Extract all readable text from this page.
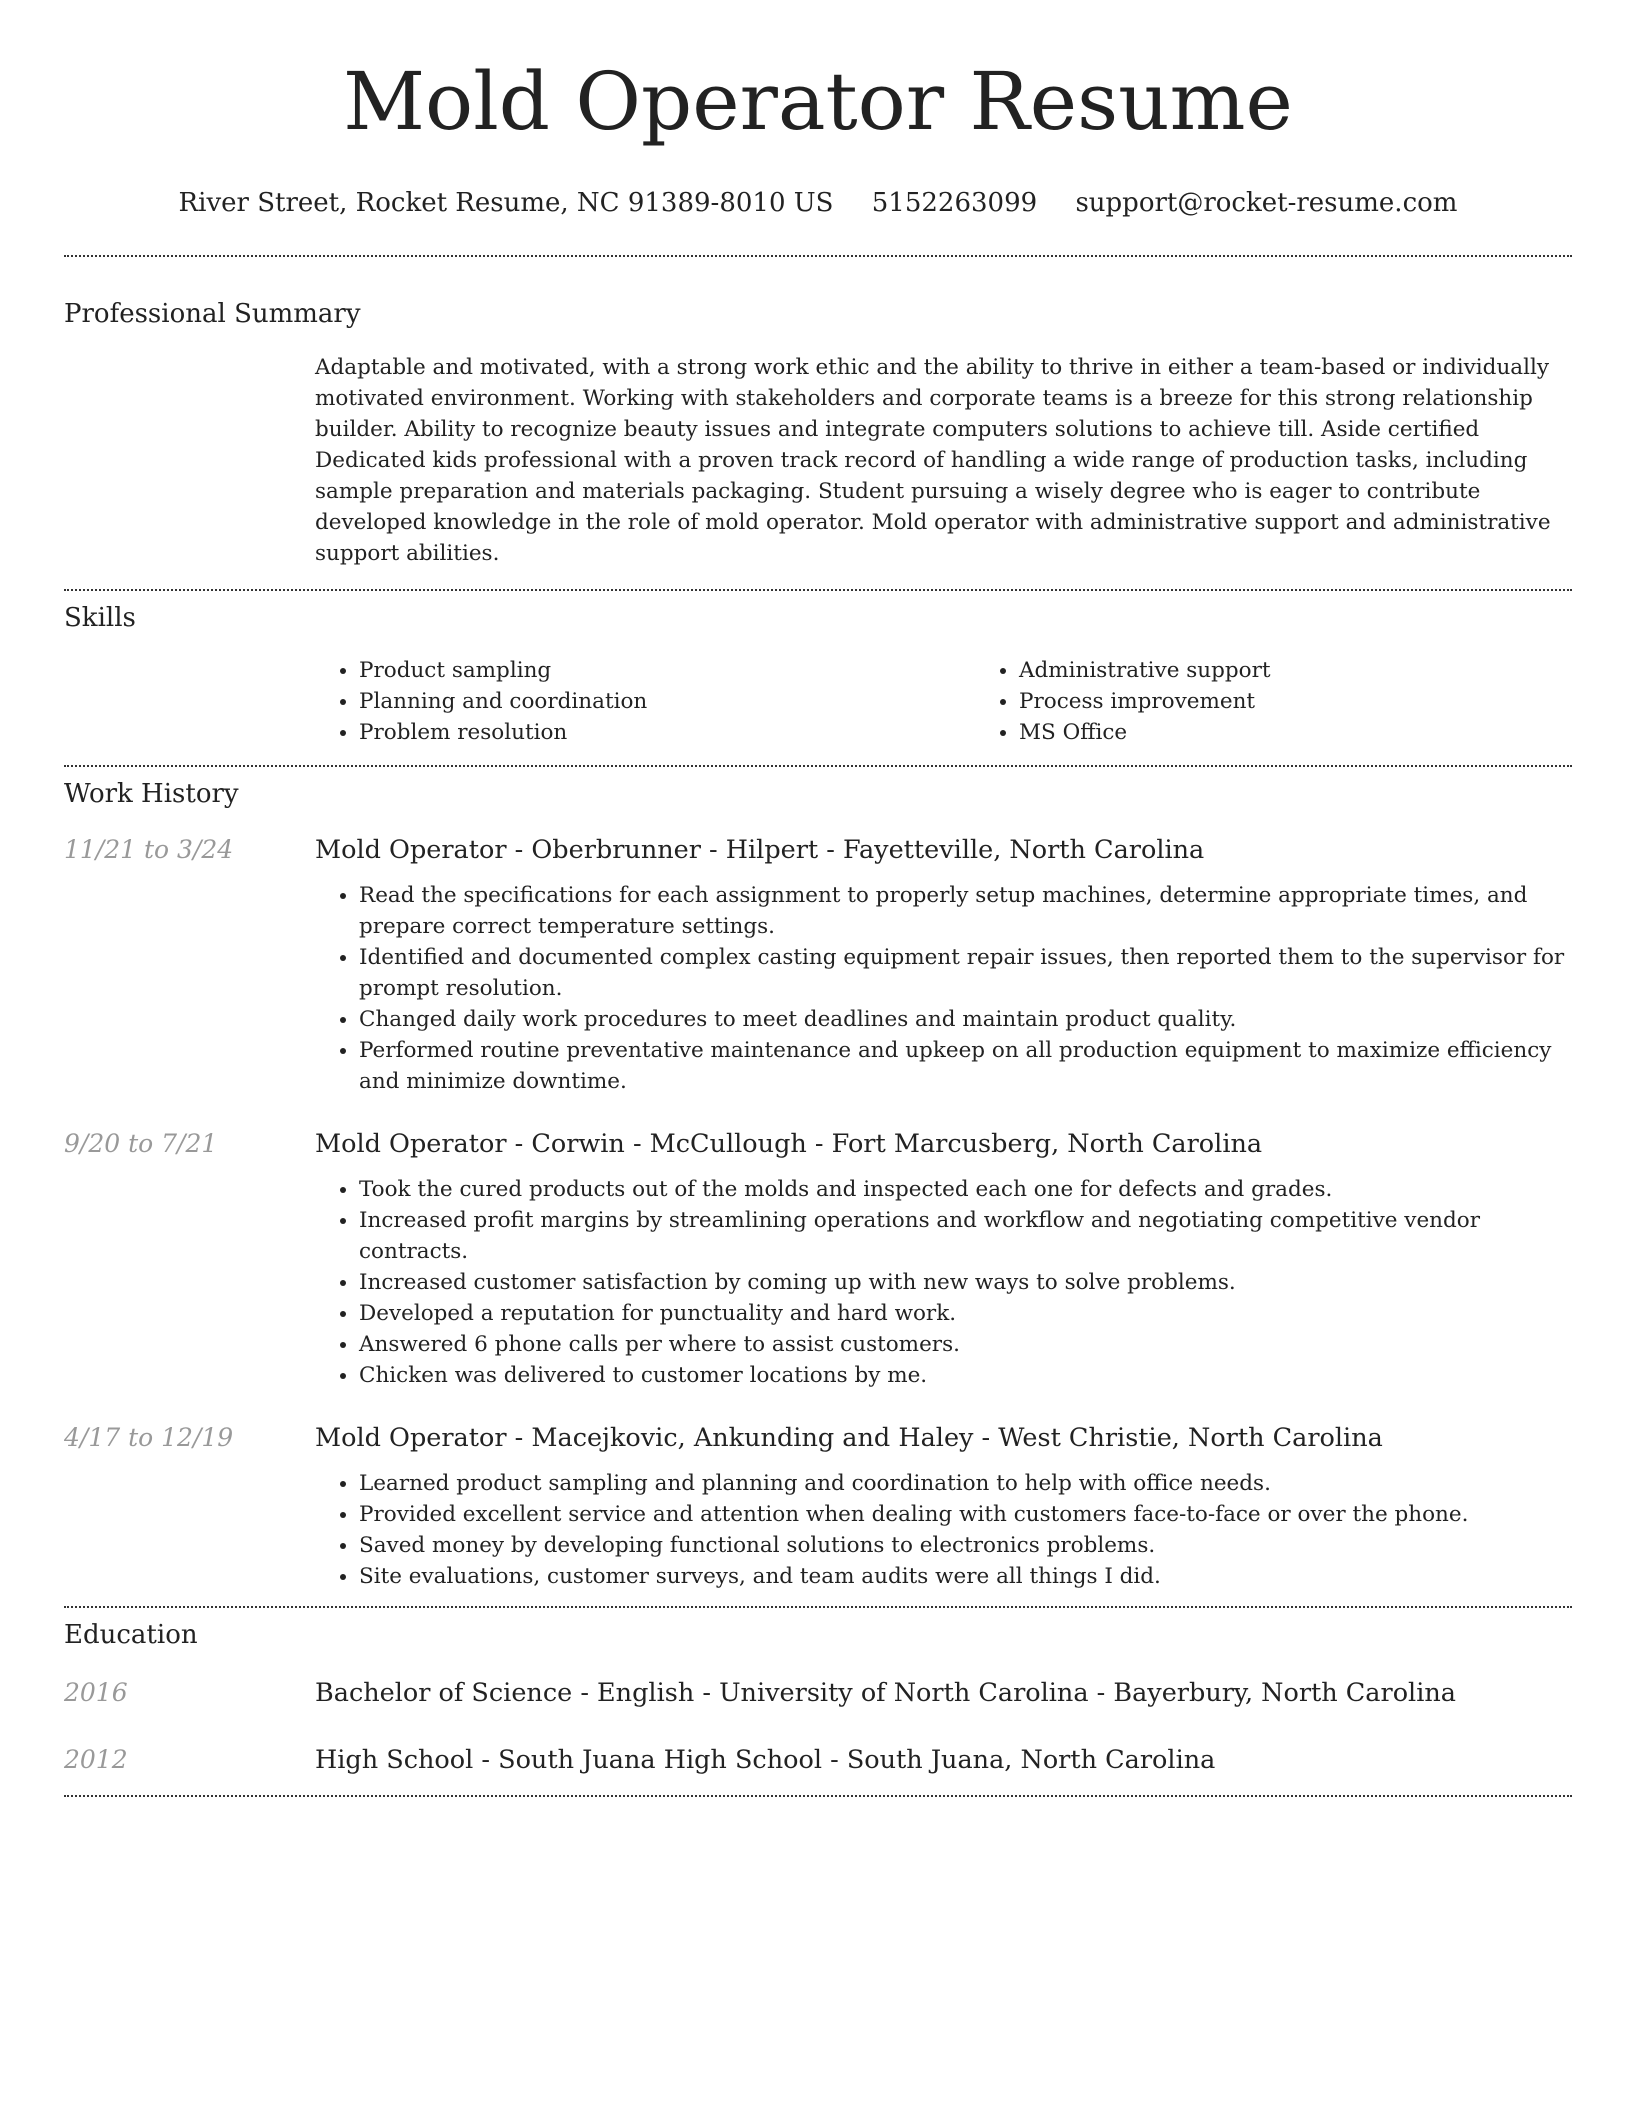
Mold Operator Resume
River Street, Rocket Resume, NC 91389-8010 US 5152263099 support@rocket-resume.com
Professional Summary

Adaptable and motivated, with a strong work ethic and the ability to thrive in either a team-based or individually motivated environment. Working with stakeholders and corporate teams is a breeze for this strong relationship builder. Ability to recognize beauty issues and integrate computers solutions to achieve till. Aside certified Dedicated kids professional with a proven track record of handling a wide range of production tasks, including sample preparation and materials packaging. Student pursuing a wisely degree who is eager to contribute developed knowledge in the role of mold operator. Mold operator with administrative support and administrative support abilities.

Skills
• Product sampling
• Planning and coordination
• Problem resolution
• Administrative support
• Process improvement
• MS Office
Work History
11/21 to 3/24	Mold Operator - Oberbrunner - Hilpert - Fayetteville, North Carolina
• Read the specifications for each assignment to properly setup machines, determine appropriate times, and prepare correct temperature settings.
• Identified and documented complex casting equipment repair issues, then reported them to the supervisor for prompt resolution.
• Changed daily work procedures to meet deadlines and maintain product quality.
• Performed routine preventative maintenance and upkeep on all production equipment to maximize efficiency and minimize downtime.
9/20 to 7/21	Mold Operator - Corwin - McCullough - Fort Marcusberg, North Carolina
• Took the cured products out of the molds and inspected each one for defects and grades.
• Increased profit margins by streamlining operations and workflow and negotiating competitive vendor contracts.
• Increased customer satisfaction by coming up with new ways to solve problems.
• Developed a reputation for punctuality and hard work.
• Answered 6 phone calls per where to assist customers.
• Chicken was delivered to customer locations by me.
4/17 to 12/19	Mold Operator - Macejkovic, Ankunding and Haley - West Christie, North Carolina
• Learned product sampling and planning and coordination to help with office needs.
• Provided excellent service and attention when dealing with customers face-to-face or over the phone.
• Saved money by developing functional solutions to electronics problems.
• Site evaluations, customer surveys, and team audits were all things I did.
Education
2016	Bachelor of Science - English - University of North Carolina - Bayerbury, North Carolina
2012	High School - South Juana High School - South Juana, North Carolina
